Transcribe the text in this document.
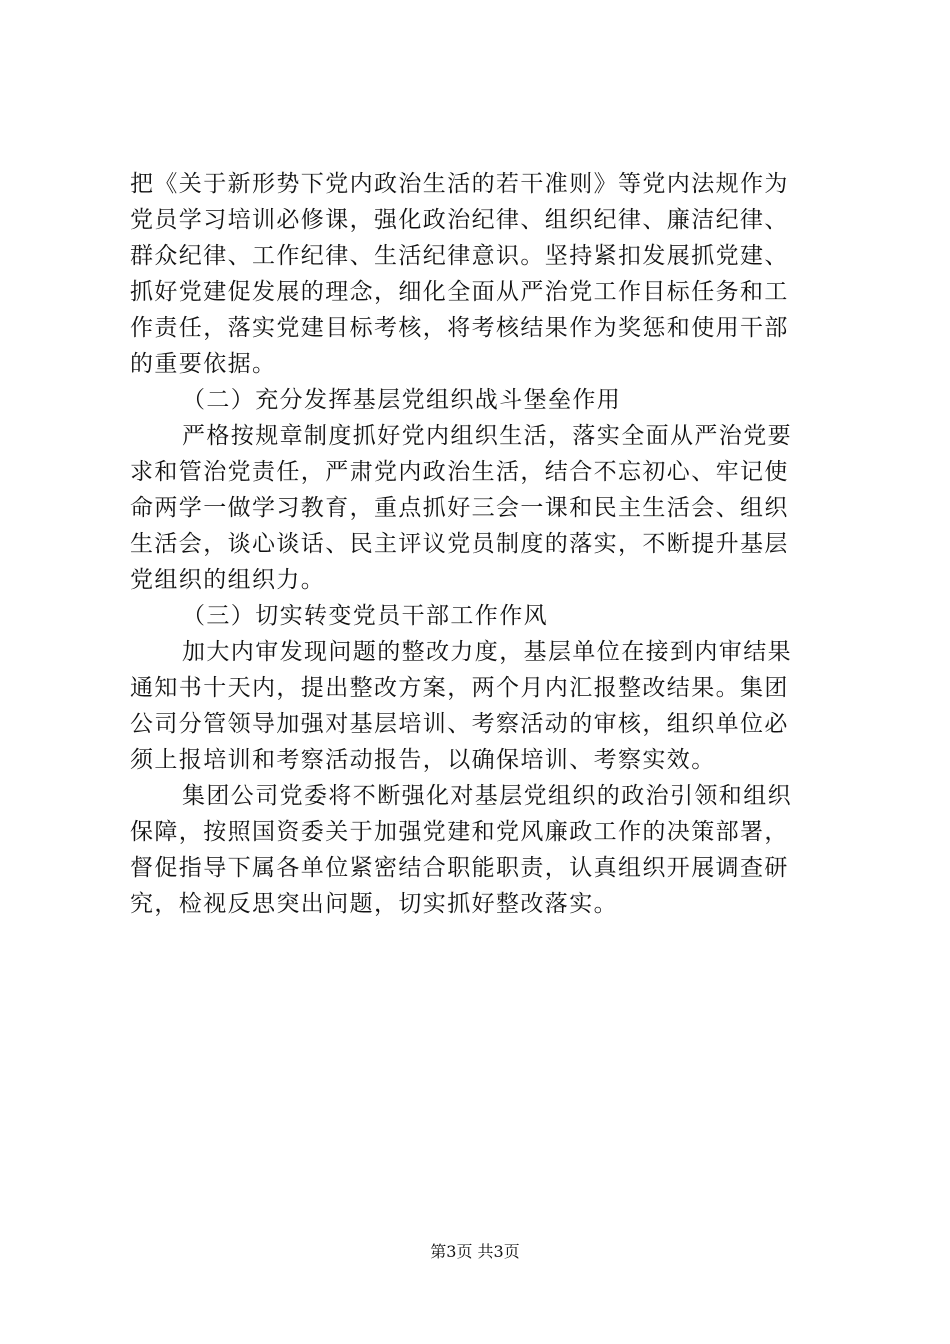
把《关于新形势下党内政治生活的若干准则》等党内法规作为
党员学习培训必修课，强化政治纪律、组织纪律、廉洁纪律、
群众纪律、工作纪律、生活纪律意识。坚持紧扣发展抓党建、
抓好党建促发展的理念，细化全面从严治党工作目标任务和工
作责任，落实党建目标考核，将考核结果作为奖惩和使用干部
的重要依据。
（二）充分发挥基层党组织战斗堡垒作用
严格按规章制度抓好党内组织生活，落实全面从严治党要
求和管治党责任，严肃党内政治生活，结合不忘初心、牢记使
命两学一做学习教育，重点抓好三会一课和民主生活会、组织
生活会，谈心谈话、民主评议党员制度的落实，不断提升基层
党组织的组织力。
（三）切实转变党员干部工作作风
加大内审发现问题的整改力度，基层单位在接到内审结果
通知书十天内，提出整改方案，两个月内汇报整改结果。集团
公司分管领导加强对基层培训、考察活动的审核，组织单位必
须上报培训和考察活动报告，以确保培训、考察实效。
集团公司党委将不断强化对基层党组织的政治引领和组织
保障，按照国资委关于加强党建和党风廉政工作的决策部署，
督促指导下属各单位紧密结合职能职责，认真组织开展调查研
究，检视反思突出问题，切实抓好整改落实。
第3页 共3页
